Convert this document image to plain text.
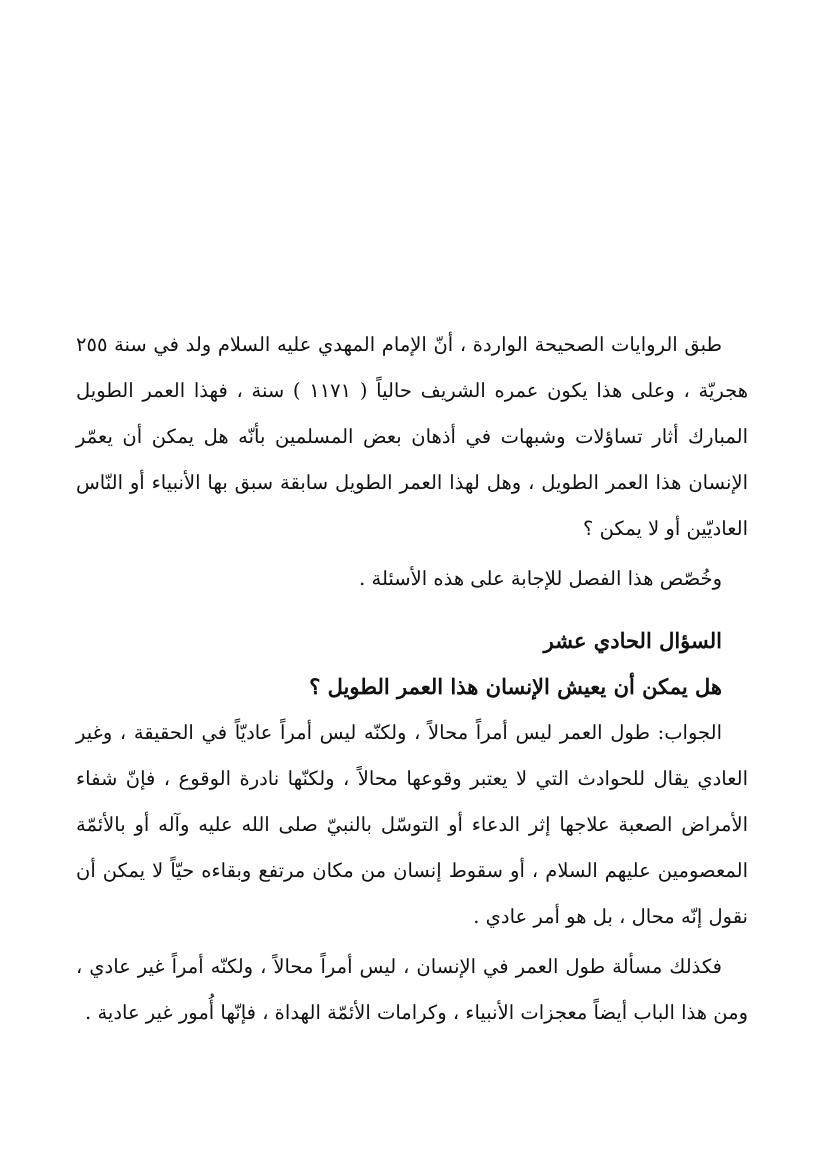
طبق الروايات الصحيحة الواردة ، أنّ الإمام المهدي عليه السلام ولد في سنة ٢٥٥ هجريّة ، وعلى هذا يكون عمره الشريف حالياً ( ١١٧١ ) سنة ، فهذا العمر الطويل المبارك أثار تساؤلات وشبهات في أذهان بعض المسلمين بأنّه هل يمكن أن يعمّر الإنسان هذا العمر الطويل ، وهل لهذا العمر الطويل سابقة سبق بها الأنبياء أو النّاس العاديّين أو لا يمكن ؟

وخُصّص هذا الفصل للإجابة على هذه الأسئلة .

السؤال الحادي عشر
هل يمكن أن يعيش الإنسان هذا العمر الطويل ؟

الجواب: طول العمر ليس أمراً محالاً ، ولكنّه ليس أمراً عاديّاً في الحقيقة ، وغير العادي يقال للحوادث التي لا يعتبر وقوعها محالاً ، ولكنّها نادرة الوقوع ، فإنّ شفاء الأمراض الصعبة علاجها إثر الدعاء أو التوسّل بالنبيّ صلى الله عليه وآله أو بالأئمّة المعصومين عليهم السلام ، أو سقوط إنسان من مكان مرتفع وبقاءه حيّاً لا يمكن أن نقول إنّه محال ، بل هو أمر عادي .

فكذلك مسألة طول العمر في الإنسان ، ليس أمراً محالاً ، ولكنّه أمراً غير عادي ، ومن هذا الباب أيضاً معجزات الأنبياء ، وكرامات الأئمّة الهداة ، فإنّها أُمور غير عادية .
